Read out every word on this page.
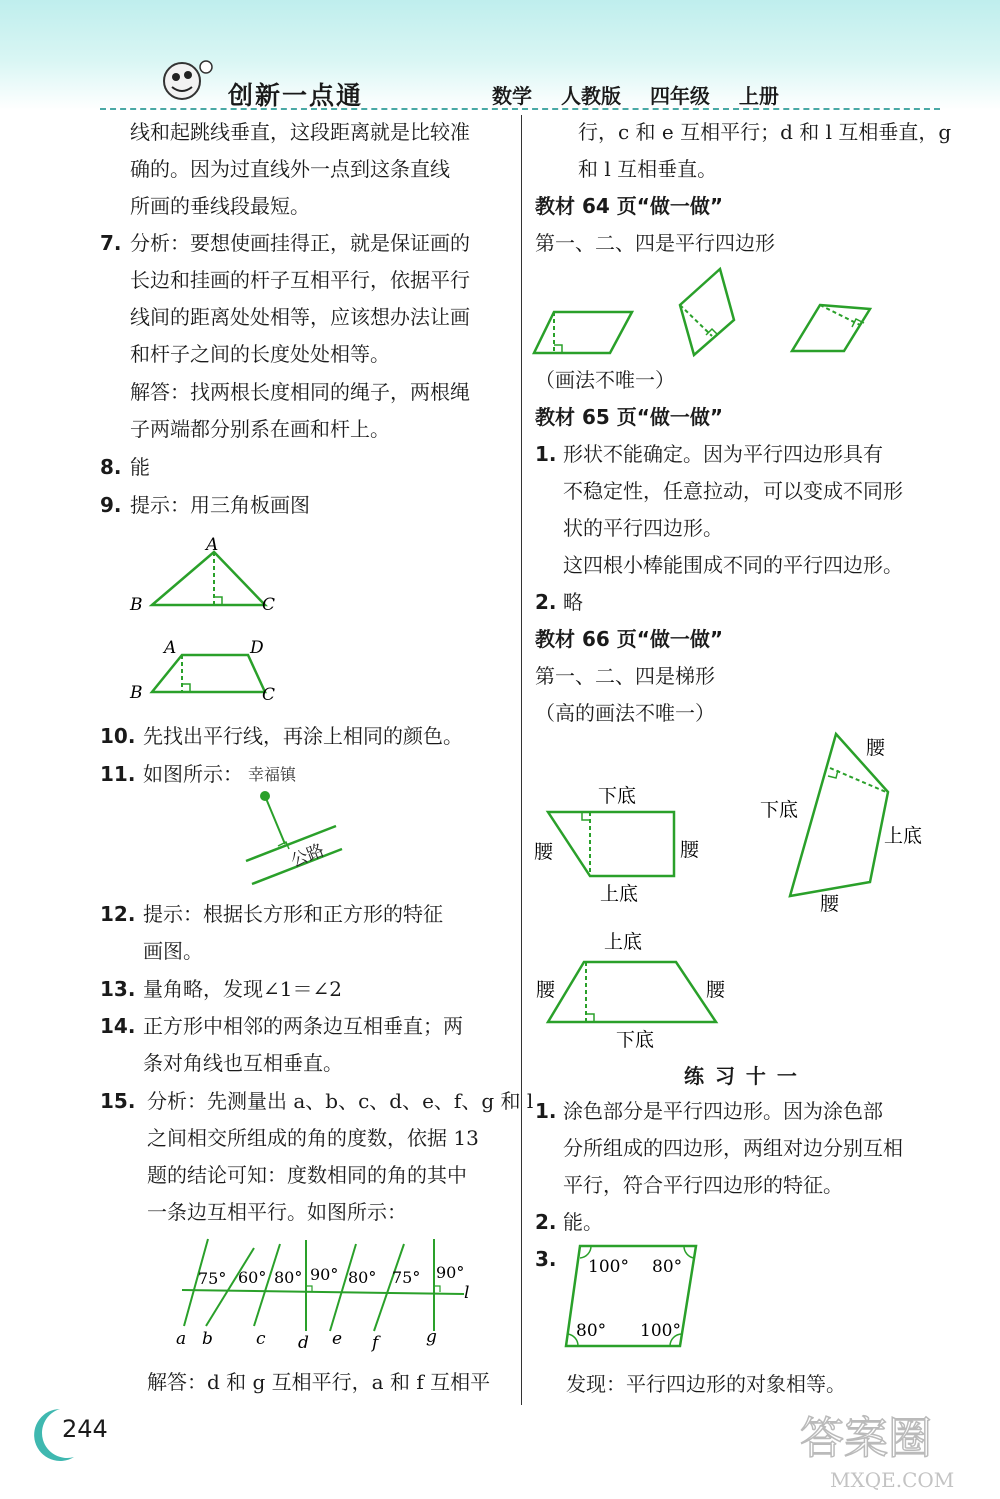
创新一点通	数学 人教版 四年级 上册
线和起跳线垂直，这段距离就是比较准
确的。因为过直线外一点到这条直线
所画的垂线段最短。
7. 分析：要想使画挂得正，就是保证画的
长边和挂画的杆子互相平行，依据平行
线间的距离处处相等，应该想办法让画
和杆子之间的长度处处相等。
解答：找两根长度相同的绳子，两根绳
子两端都分别系在画和杆上。
8. 能
9. 提示：用三角板画图
A
B	C
A	D
B	C
10. 先找出平行线，再涂上相同的颜色。
11. 如图所示： 幸福镇
公路
12. 提示：根据长方形和正方形的特征
画图。
13. 量角略，发现∠1＝∠2
14. 正方形中相邻的两条边互相垂直；两
条对角线也互相垂直。
15. 分析：先测量出 a、b、c、d、e、f、g 和 l
之间相交所组成的角的度数，依据 13
题的结论可知：度数相同的角的其中
一条边互相平行。如图所示：
75° 60° 80° 90° 80° 75° 90°
a b	c d e f	g
l
解答：d 和 g 互相平行，a 和 f 互相平
行，c 和 e 互相平行；d 和 l 互相垂直，g
和 l 互相垂直。
教材 64 页“做一做”
第一、二、四是平行四边形
（画法不唯一）
教材 65 页“做一做”
1. 形状不能确定。因为平行四边形具有
不稳定性，任意拉动，可以变成不同形
状的平行四边形。
这四根小棒能围成不同的平行四边形。
2. 略
教材 66 页“做一做”
第一、二、四是梯形
（高的画法不唯一）
下底
上底
腰	腰
腰
下底
上底
腰
上底
腰	腰
下底
练 习 十 一
1. 涂色部分是平行四边形。因为涂色部
分所组成的四边形，两组对边分别互相
平行，符合平行四边形的特征。
2. 能。
3. 100° 80°
80° 100°
发现：平行四边形的对象相等。
244	答案圈
MXQE.COM
